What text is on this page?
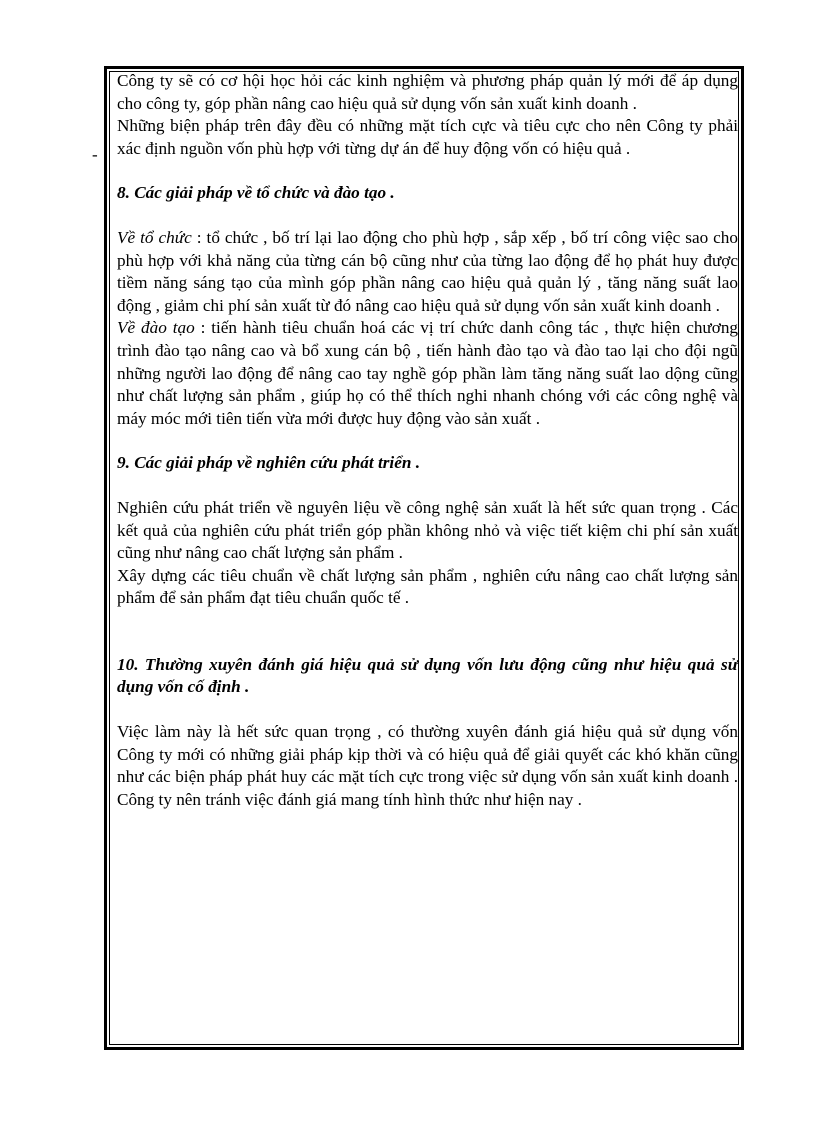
-

Công ty sẽ có cơ hội học hỏi các kinh nghiệm và phương pháp quản lý mới để áp dụng cho công ty, góp phần nâng cao hiệu quả sử dụng vốn sản xuất kinh doanh .

Những biện pháp trên đây đều có những mặt tích cực và tiêu cực cho nên Công ty phải xác định nguồn vốn phù hợp với từng dự án để huy động vốn có hiệu quả .

8. Các giải pháp về tổ chức và đào tạo .

Về tổ chức : tổ chức , bố trí lại lao động cho phù hợp , sắp xếp , bố trí công việc sao cho phù hợp với khả năng của từng cán bộ cũng như của từng lao động để họ phát huy được tiềm năng sáng tạo của mình góp phần nâng cao hiệu quả quản lý , tăng năng suất lao động , giảm chi phí sản xuất từ đó nâng cao hiệu quả sử dụng vốn sản xuất kinh doanh .

Về đào tạo : tiến hành tiêu chuẩn hoá các vị trí chức danh công tác , thực hiện chương trình đào tạo nâng cao và bổ xung cán bộ , tiến hành đào tạo và đào tao lại cho đội ngũ những người lao động để nâng cao tay nghề góp phần làm tăng năng suất lao dộng cũng như chất lượng sản phẩm , giúp họ có thể thích nghi nhanh chóng với các công nghệ và máy móc mới tiên tiến vừa mới được huy động vào sản xuất .

9. Các giải pháp về nghiên cứu phát triển .

Nghiên cứu phát triển về nguyên liệu về công nghệ sản xuất là hết sức quan trọng . Các kết quả của nghiên cứu phát triển góp phần không nhỏ và việc tiết kiệm chi phí sản xuất cũng như nâng cao chất lượng sản phẩm .

Xây dựng các tiêu chuẩn về chất lượng sản phẩm , nghiên cứu nâng cao chất lượng sản phẩm để sản phẩm đạt tiêu chuẩn quốc tế .

10. Thường xuyên đánh giá hiệu quả sử dụng vốn lưu động cũng như hiệu quả sử dụng vốn cố định .

Việc làm này là hết sức quan trọng , có thường xuyên đánh giá hiệu quả sử dụng vốn Công ty mới có những giải pháp kịp thời và có hiệu quả để giải quyết các khó khăn cũng như các biện pháp phát huy các mặt tích cực trong việc sử dụng vốn sản xuất kinh doanh . Công ty nên tránh việc đánh giá mang tính hình thức như hiện nay .
